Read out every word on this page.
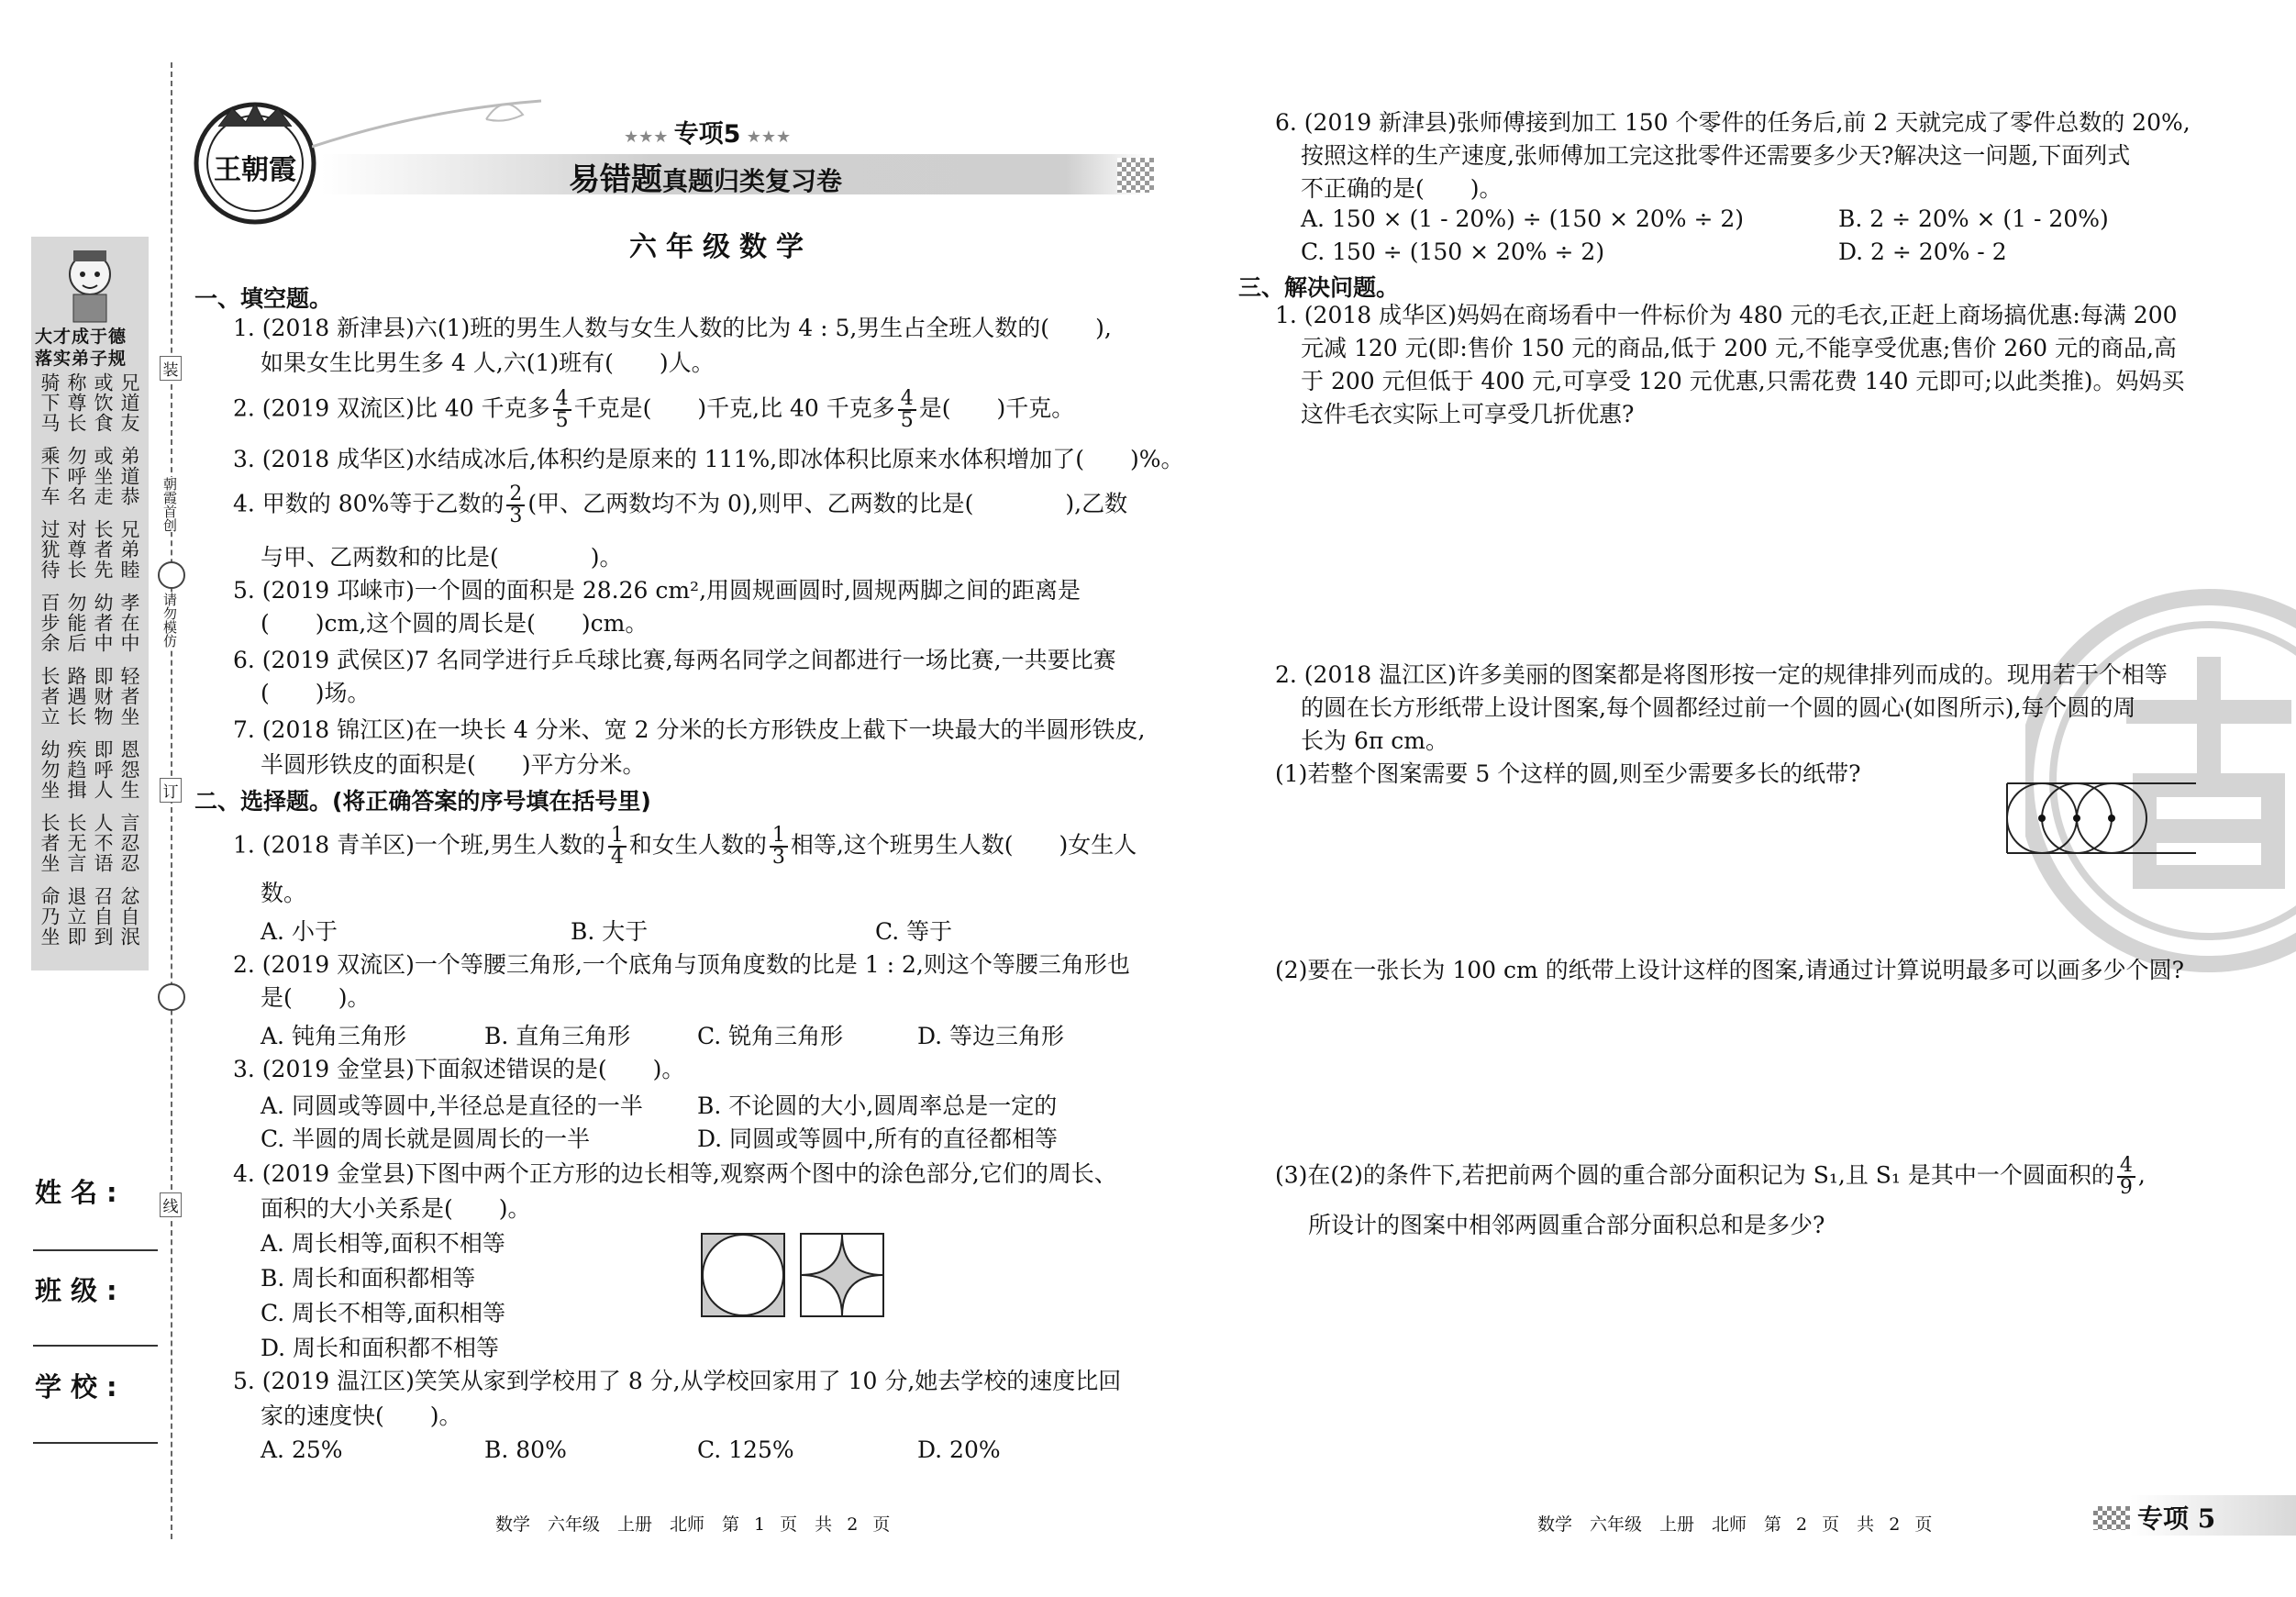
大才成于德
落实弟子规
骑下马 称尊长 或饮食 兄道友
乘下车 勿呼名 或坐走 弟道恭
过犹待 对尊长 长者先 兄弟睦
百步余 勿能后 幼者中 孝在中
长者立 路遇长 即财物 轻者坐
幼勿坐 疾趋揖 即呼人 恩怨生
长者坐 长无言 人不语 言忍忍
命乃坐 退立即 召自到 忿自泯
姓名:
班级:
学校:
装
朝霞首创
请勿模仿
订
线
王朝霞
★★★ 专项5 ★★★
易错题真题归类复习卷
六年级数学
一、填空题。
1. (2018 新津县)六(1)班的男生人数与女生人数的比为 4 : 5,男生占全班人数的(　　),
如果女生比男生多 4 人,六(1)班有(　　)人。
2. (2019 双流区)比 40 千克多 $\frac{4}{5}$ 千克是(　　)千克,比 40 千克多 $\frac{4}{5}$ 是(　　)千克。
3. (2018 成华区)水结成冰后,体积约是原来的 111%,即冰体积比原来水体积增加了(　　)%。
4. 甲数的 80%等于乙数的 $\frac{2}{3}$ (甲、乙两数均不为 0),则甲、乙两数的比是(　　　　),乙数
与甲、乙两数和的比是(　　　　)。
5. (2019 邛崃市)一个圆的面积是 28.26 cm²,用圆规画圆时,圆规两脚之间的距离是
(　　)cm,这个圆的周长是(　　)cm。
6. (2019 武侯区)7 名同学进行乒乓球比赛,每两名同学之间都进行一场比赛,一共要比赛
(　　)场。
7. (2018 锦江区)在一块长 4 分米、宽 2 分米的长方形铁皮上截下一块最大的半圆形铁皮,
半圆形铁皮的面积是(　　)平方分米。
二、选择题。(将正确答案的序号填在括号里)
1. (2018 青羊区)一个班,男生人数的 $\frac{1}{4}$ 和女生人数的 $\frac{1}{3}$ 相等,这个班男生人数(　　)女生人
数。
A. 小于	B. 大于	C. 等于
2. (2019 双流区)一个等腰三角形,一个底角与顶角度数的比是 1 : 2,则这个等腰三角形也
是(　　)。
A. 钝角三角形	B. 直角三角形	C. 锐角三角形	D. 等边三角形
3. (2019 金堂县)下面叙述错误的是(　　)。
A. 同圆或等圆中,半径总是直径的一半 B. 不论圆的大小,圆周率总是一定的
C. 半圆的周长就是圆周长的一半	D. 同圆或等圆中,所有的直径都相等
4. (2019 金堂县)下图中两个正方形的边长相等,观察两个图中的涂色部分,它们的周长、
面积的大小关系是(　　)。
A. 周长相等,面积不相等
B. 周长和面积都相等
C. 周长不相等,面积相等
D. 周长和面积都不相等
5. (2019 温江区)笑笑从家到学校用了 8 分,从学校回家用了 10 分,她去学校的速度比回
家的速度快(　　)。
A. 25%	B. 80%	C. 125%	D. 20%
数学　六年级　上册　北师　第 1 页　共 2 页
6. (2019 新津县)张师傅接到加工 150 个零件的任务后,前 2 天就完成了零件总数的 20%,
按照这样的生产速度,张师傅加工完这批零件还需要多少天?解决这一问题,下面列式
不正确的是(　　)。
A. 150 × (1 - 20%) ÷ (150 × 20% ÷ 2)	B. 2 ÷ 20% × (1 - 20%)
C. 150 ÷ (150 × 20% ÷ 2)	D. 2 ÷ 20% - 2
三、解决问题。
1. (2018 成华区)妈妈在商场看中一件标价为 480 元的毛衣,正赶上商场搞优惠:每满 200
元减 120 元(即:售价 150 元的商品,低于 200 元,不能享受优惠;售价 260 元的商品,高
于 200 元但低于 400 元,可享受 120 元优惠,只需花费 140 元即可;以此类推)。妈妈买
这件毛衣实际上可享受几折优惠?
2. (2018 温江区)许多美丽的图案都是将图形按一定的规律排列而成的。现用若干个相等
的圆在长方形纸带上设计图案,每个圆都经过前一个圆的圆心(如图所示),每个圆的周
长为 6π cm。
(1)若整个图案需要 5 个这样的圆,则至少需要多长的纸带?
(2)要在一张长为 100 cm 的纸带上设计这样的图案,请通过计算说明最多可以画多少个圆?
(3)在(2)的条件下,若把前两个圆的重合部分面积记为 S₁,且 S₁ 是其中一个圆面积的 $\frac{4}{9}$ ,
所设计的图案中相邻两圆重合部分面积总和是多少?
数学　六年级　上册　北师　第 2 页　共 2 页	专项 5
